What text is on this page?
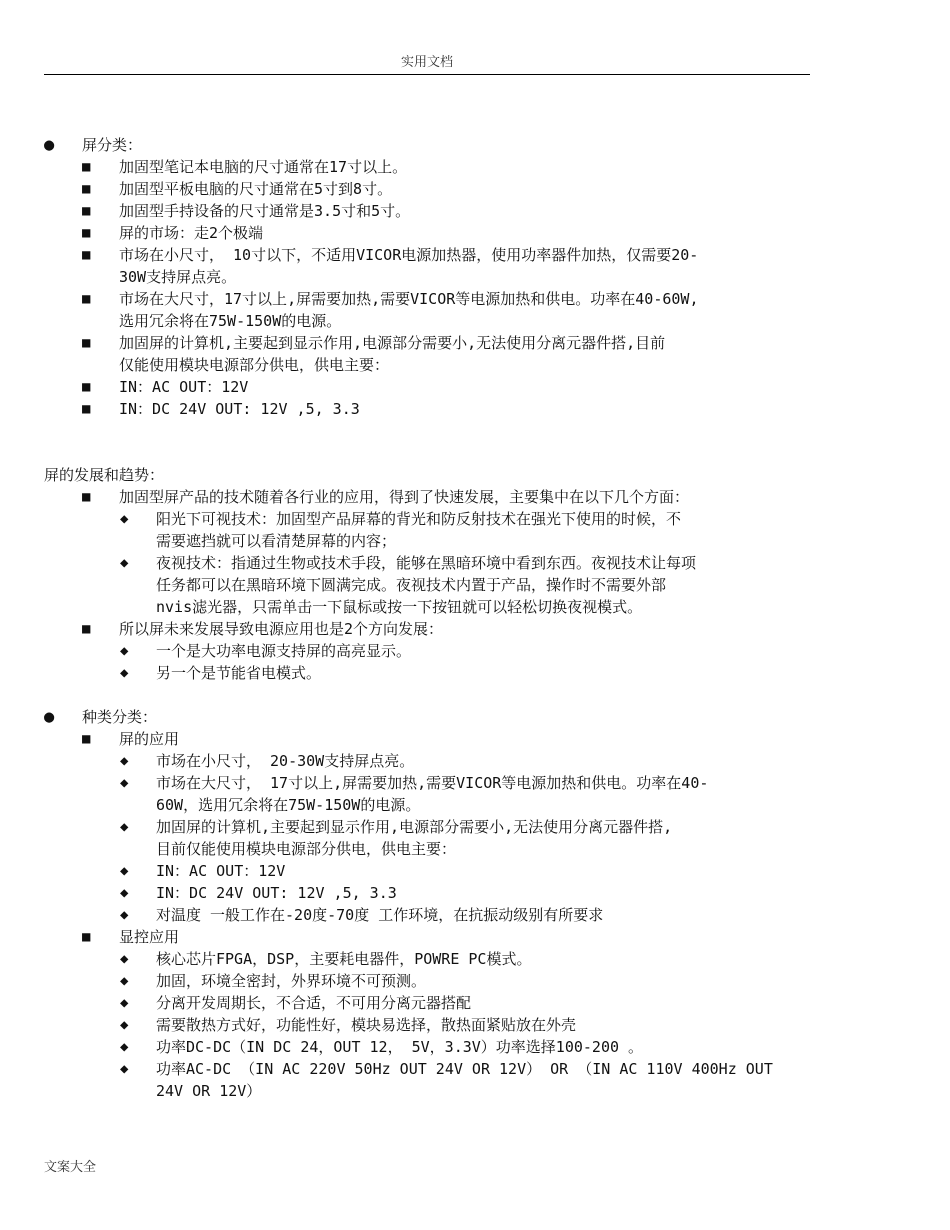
实用文档
● 屏分类：
■ 加固型笔记本电脑的尺寸通常在17寸以上。
■ 加固型平板电脑的尺寸通常在5寸到8寸。
■ 加固型手持设备的尺寸通常是3.5寸和5寸。
■ 屏的市场：走2个极端
■ 市场在小尺寸， 10寸以下，不适用VICOR电源加热器，使用功率器件加热，仅需要20-
30W支持屏点亮。
■ 市场在大尺寸，17寸以上,屏需要加热,需要VICOR等电源加热和供电。功率在40-60W,
选用冗余将在75W-150W的电源。
■ 加固屏的计算机,主要起到显示作用,电源部分需要小,无法使用分离元器件搭,目前
仅能使用模块电源部分供电，供电主要：
■ IN：AC OUT：12V
■ IN：DC 24V OUT: 12V ,5, 3.3
屏的发展和趋势：
■ 加固型屏产品的技术随着各行业的应用，得到了快速发展，主要集中在以下几个方面：
◆ 阳光下可视技术：加固型产品屏幕的背光和防反射技术在强光下使用的时候，不
需要遮挡就可以看清楚屏幕的内容；
◆ 夜视技术：指通过生物或技术手段，能够在黑暗环境中看到东西。夜视技术让每项
任务都可以在黑暗环境下圆满完成。夜视技术内置于产品，操作时不需要外部
nvis滤光器，只需单击一下鼠标或按一下按钮就可以轻松切换夜视模式。
■ 所以屏未来发展导致电源应用也是2个方向发展：
◆ 一个是大功率电源支持屏的高亮显示。
◆ 另一个是节能省电模式。
● 种类分类：
■ 屏的应用
◆ 市场在小尺寸， 20-30W支持屏点亮。
◆ 市场在大尺寸， 17寸以上,屏需要加热,需要VICOR等电源加热和供电。功率在40-
60W，选用冗余将在75W-150W的电源。
◆ 加固屏的计算机,主要起到显示作用,电源部分需要小,无法使用分离元器件搭,
目前仅能使用模块电源部分供电，供电主要：
◆ IN：AC OUT：12V
◆ IN：DC 24V OUT: 12V ,5, 3.3
◆ 对温度 一般工作在-20度-70度 工作环境，在抗振动级别有所要求
■ 显控应用
◆ 核心芯片FPGA，DSP，主要耗电器件，POWRE PC模式。
◆ 加固，环境全密封，外界环境不可预测。
◆ 分离开发周期长，不合适，不可用分离元器搭配
◆ 需要散热方式好，功能性好，模块易选择，散热面紧贴放在外壳
◆ 功率DC-DC（IN DC 24，OUT 12， 5V，3.3V）功率选择100-200 。
◆ 功率AC-DC （IN AC 220V 50Hz OUT 24V OR 12V） OR （IN AC 110V 400Hz OUT
24V OR 12V）
文案大全
